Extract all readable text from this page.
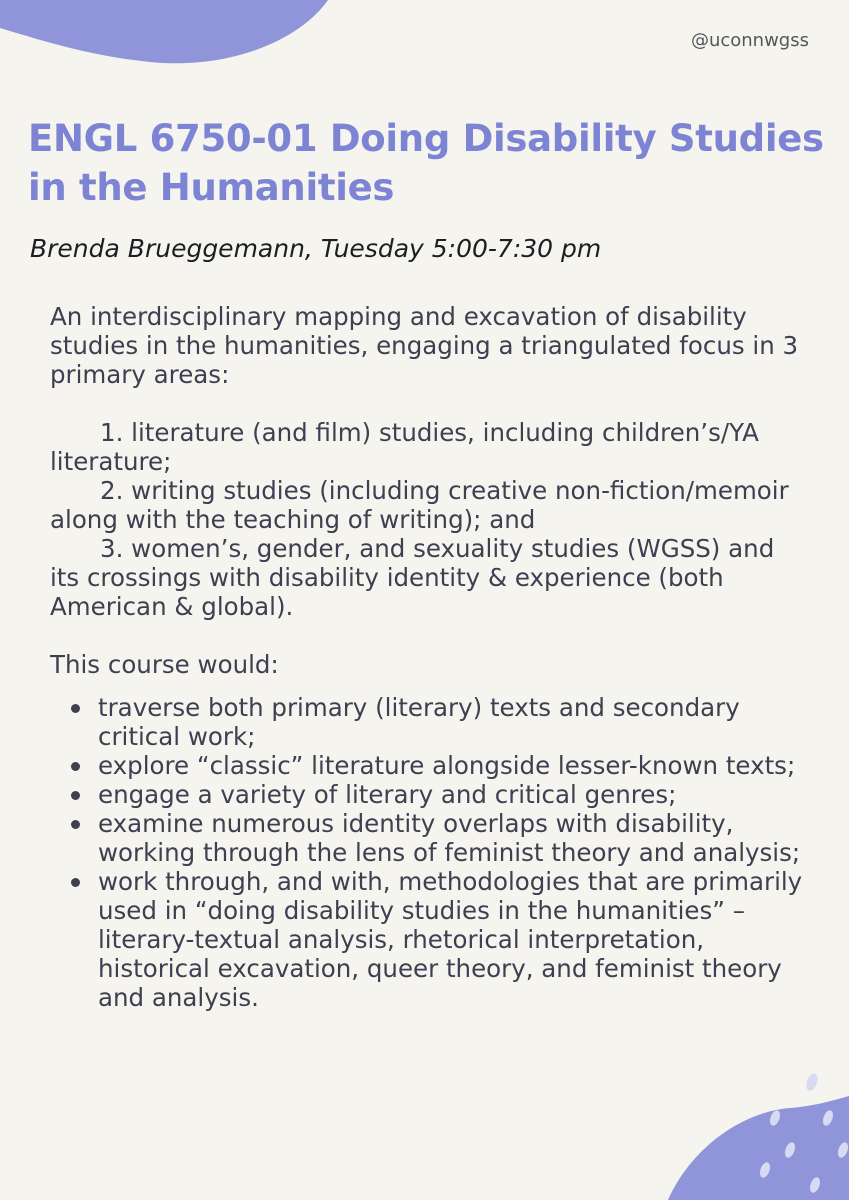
@uconnwgss
ENGL 6750-01 Doing Disability Studies in the Humanities
Brenda Brueggemann, Tuesday 5:00-7:30 pm

An interdisciplinary mapping and excavation of disability studies in the humanities, engaging a triangulated focus in 3 primary areas:

1. literature (and film) studies, including children’s/YA literature;

2. writing studies (including creative non-fiction/memoir along with the teaching of writing); and

3. women’s, gender, and sexuality studies (WGSS) and its crossings with disability identity & experience (both American & global).

This course would:

traverse both primary (literary) texts and secondary critical work;
explore “classic” literature alongside lesser-known texts;
engage a variety of literary and critical genres;
examine numerous identity overlaps with disability, working through the lens of feminist theory and analysis;
work through, and with, methodologies that are primarily used in “doing disability studies in the humanities” –literary-textual analysis, rhetorical interpretation, historical excavation, queer theory, and feminist theory and analysis.
